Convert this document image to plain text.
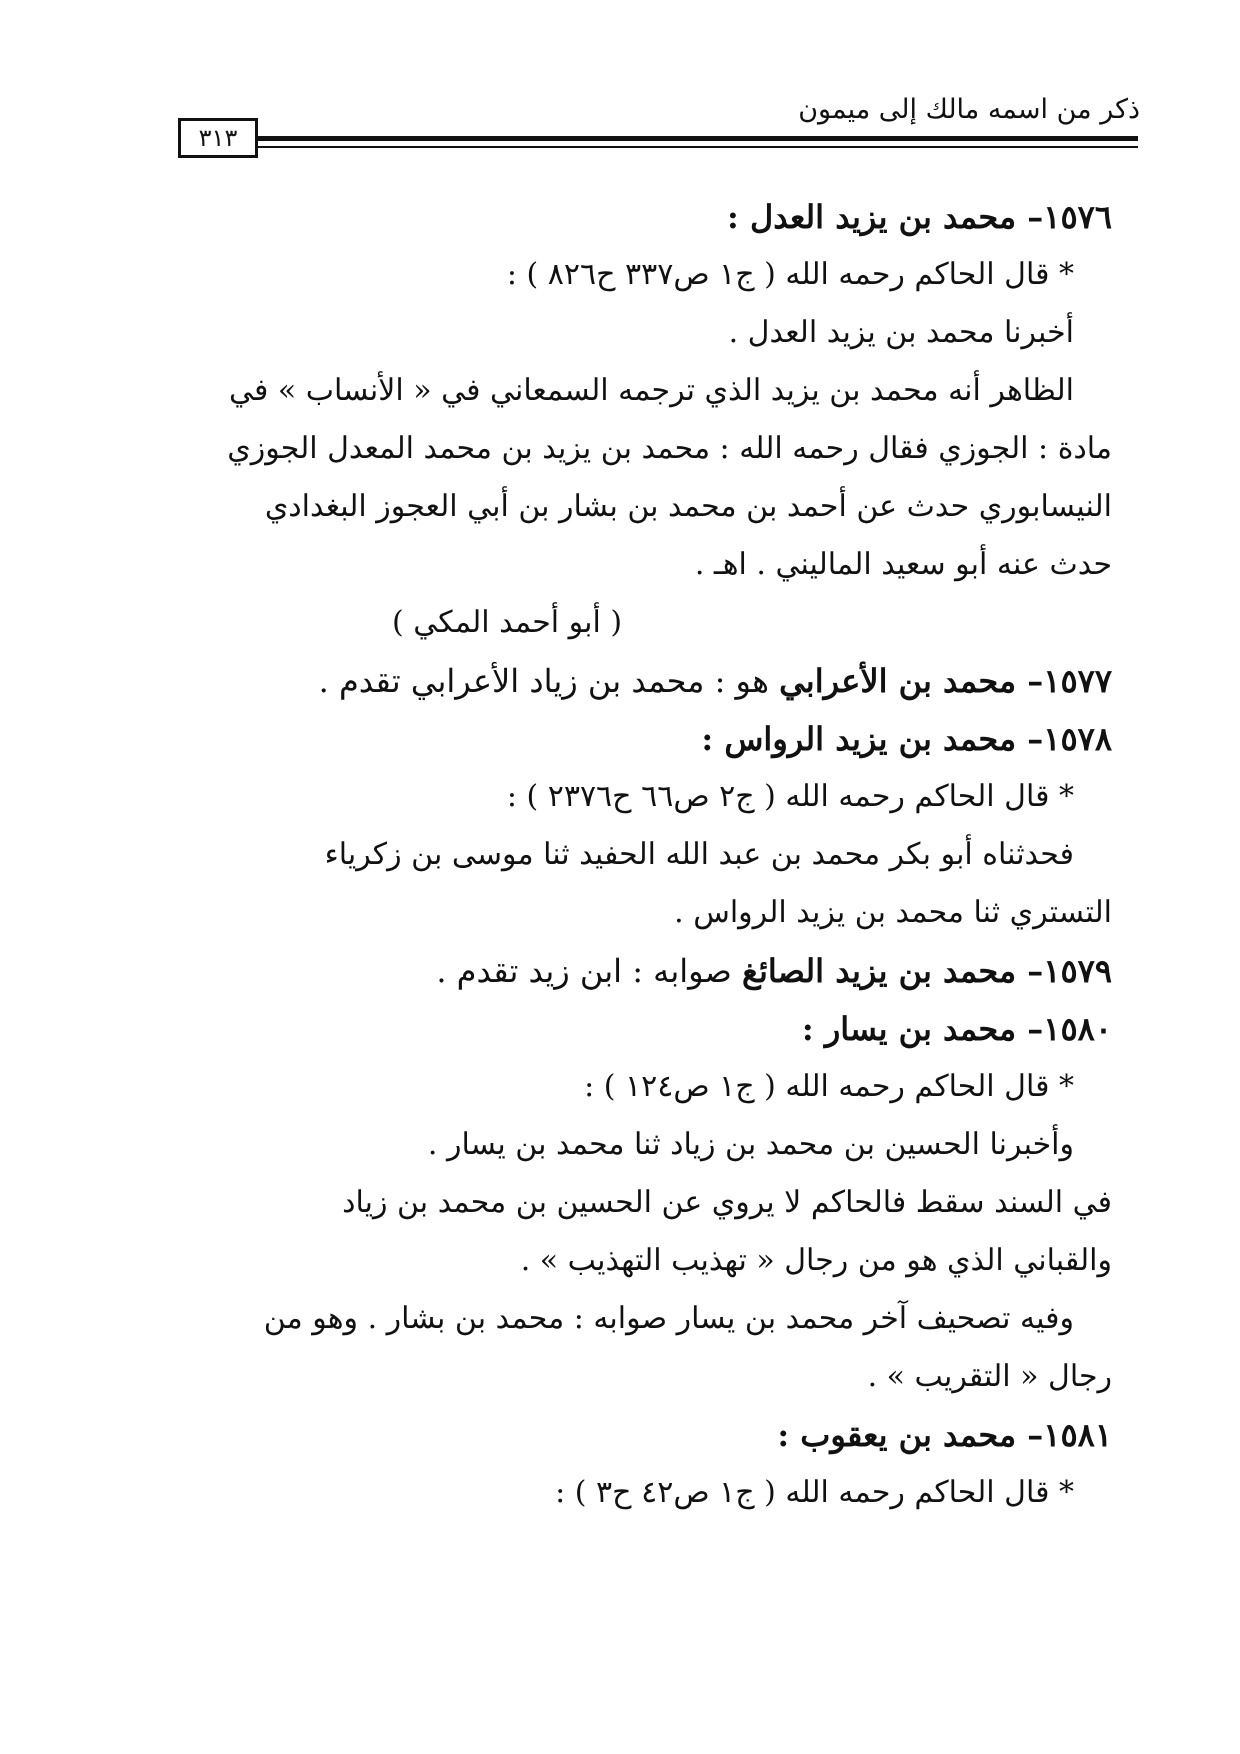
ذكر من اسمه مالك إلى ميمون
٣١٣

١٥٧٦– محمد بن يزيد العدل :

* قال الحاكم رحمه الله ( ج١ ص٣٣٧ ح٨٢٦ ) :

أخبرنا محمد بن يزيد العدل .

الظاهر أنه محمد بن يزيد الذي ترجمه السمعاني في « الأنساب » في

مادة : الجوزي فقال رحمه الله : محمد بن يزيد بن محمد المعدل الجوزي

النيسابوري حدث عن أحمد بن محمد بن بشار بن أبي العجوز البغدادي

حدث عنه أبو سعيد الماليني . اهـ .

( أبو أحمد المكي )

١٥٧٧– محمد بن الأعرابي هو : محمد بن زياد الأعرابي تقدم .

١٥٧٨– محمد بن يزيد الرواس :

* قال الحاكم رحمه الله ( ج٢ ص٦٦ ح٢٣٧٦ ) :

فحدثناه أبو بكر محمد بن عبد الله الحفيد ثنا موسى بن زكرياء

التستري ثنا محمد بن يزيد الرواس .

١٥٧٩– محمد بن يزيد الصائغ صوابه : ابن زيد تقدم .

١٥٨٠– محمد بن يسار :

* قال الحاكم رحمه الله ( ج١ ص١٢٤ ) :

وأخبرنا الحسين بن محمد بن زياد ثنا محمد بن يسار .

في السند سقط فالحاكم لا يروي عن الحسين بن محمد بن زياد

والقباني الذي هو من رجال « تهذيب التهذيب » .

وفيه تصحيف آخر محمد بن يسار صوابه : محمد بن بشار . وهو من

رجال « التقريب » .

١٥٨١– محمد بن يعقوب :

* قال الحاكم رحمه الله ( ج١ ص٤٢ ح٣ ) :
